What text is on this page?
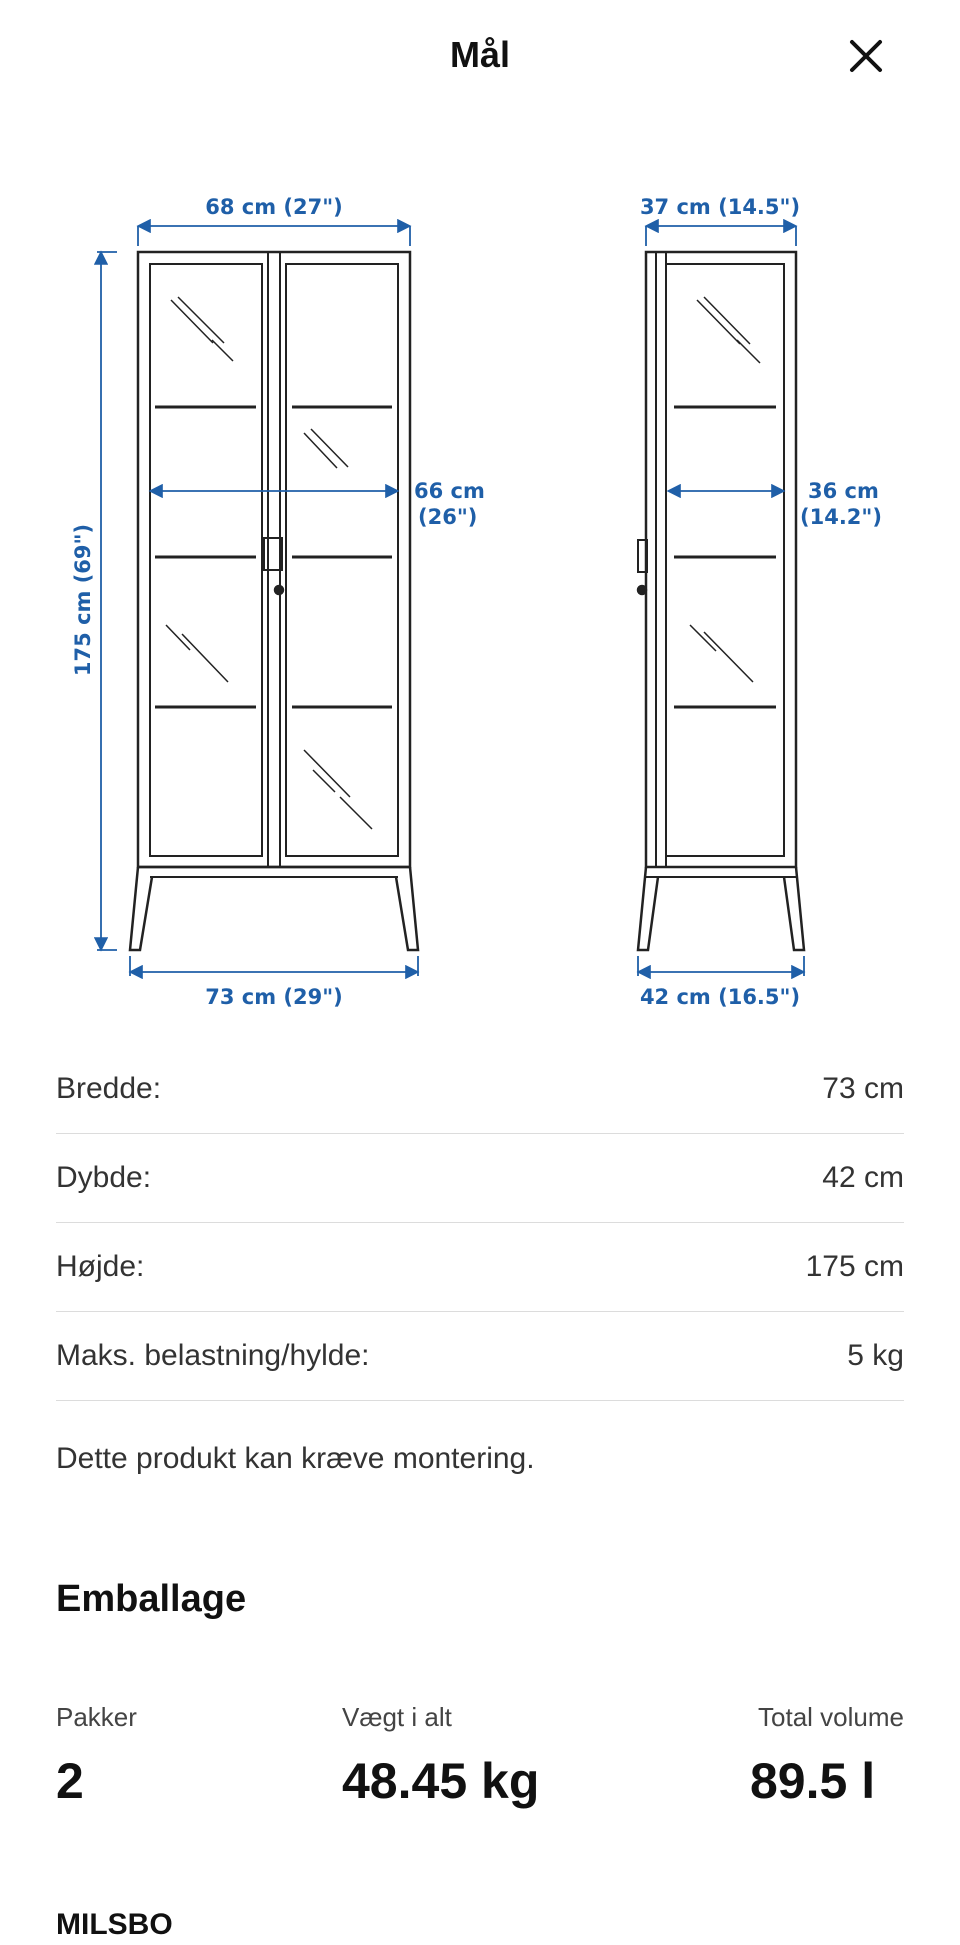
Mål
68 cm (27")
66 cm
(26")
175 cm (69")
73 cm (29")
37 cm (14.5")
36 cm
(14.2")
42 cm (16.5")
Bredde:	73 cm
Dybde:	42 cm
Højde:	175 cm
Maks. belastning/hylde:	5 kg
Dette produkt kan kræve montering.
Emballage
Pakker	Vægt i alt	Total volume
2	48.45 kg	89.5 l
MILSBO
